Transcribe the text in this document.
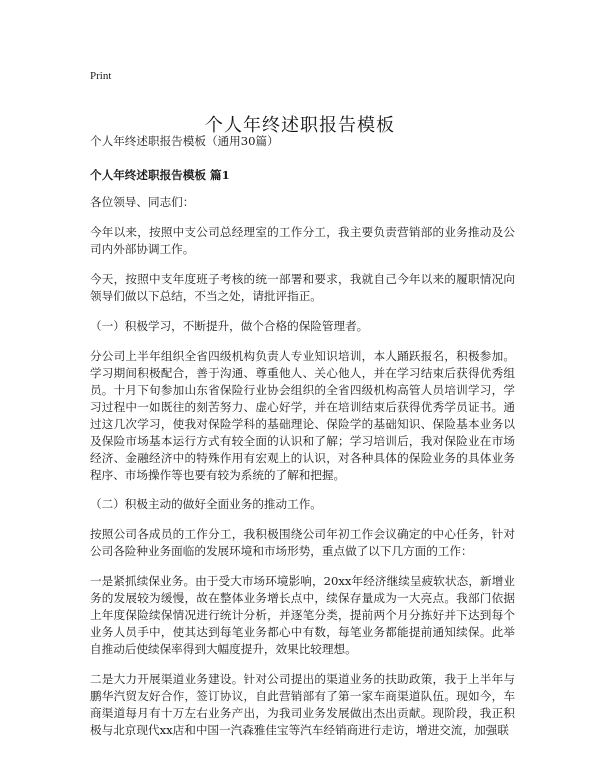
Print
个人年终述职报告模板

个人年终述职报告模板（通用30篇）

个人年终述职报告模板 篇1

各位领导、同志们：

今年以来，按照中支公司总经理室的工作分工，我主要负责营销部的业务推动及公司内外部协调工作。

今天，按照中支年度班子考核的统一部署和要求，我就自己今年以来的履职情况向领导们做以下总结，不当之处，请批评指正。

（一）积极学习，不断提升，做个合格的保险管理者。

分公司上半年组织全省四级机构负责人专业知识培训，本人踊跃报名，积极参加。学习期间积极配合，善于沟通、尊重他人、关心他人，并在学习结束后获得优秀组员。十月下旬参加山东省保险行业协会组织的全省四级机构高管人员培训学习，学习过程中一如既往的刻苦努力、虚心好学，并在培训结束后获得优秀学员证书。通过这几次学习，使我对保险学科的基础理论、保险学的基础知识、保险基本业务以及保险市场基本运行方式有较全面的认识和了解；学习培训后，我对保险业在市场经济、金融经济中的特殊作用有宏观上的认识，对各种具体的保险业务的具体业务程序、市场操作等也要有较为系统的了解和把握。

（二）积极主动的做好全面业务的推动工作。

按照公司各成员的工作分工，我积极围绕公司年初工作会议确定的中心任务，针对公司各险种业务面临的发展环境和市场形势，重点做了以下几方面的工作：

一是紧抓续保业务。由于受大市场环境影响，20xx年经济继续呈疲软状态，新增业务的发展较为缓慢，故在整体业务增长点中，续保存量成为一大亮点。我部门依据上年度保险续保情况进行统计分析，并逐笔分类，提前两个月分拣好并下达到每个业务人员手中，使其达到每笔业务都心中有数，每笔业务都能提前通知续保。此举自推动后使续保率得到大幅度提升，效果比较理想。

二是大力开展渠道业务建设。针对公司提出的渠道业务的扶助政策，我于上半年与鹏华汽贸友好合作，签订协议，自此营销部有了第一家车商渠道队伍。现如今，车商渠道每月有十万左右业务产出，为我司业务发展做出杰出贡献。现阶段，我正积极与北京现代xx店和中国一汽森雅佳宝等汽车经销商进行走访，增进交流，加强联
